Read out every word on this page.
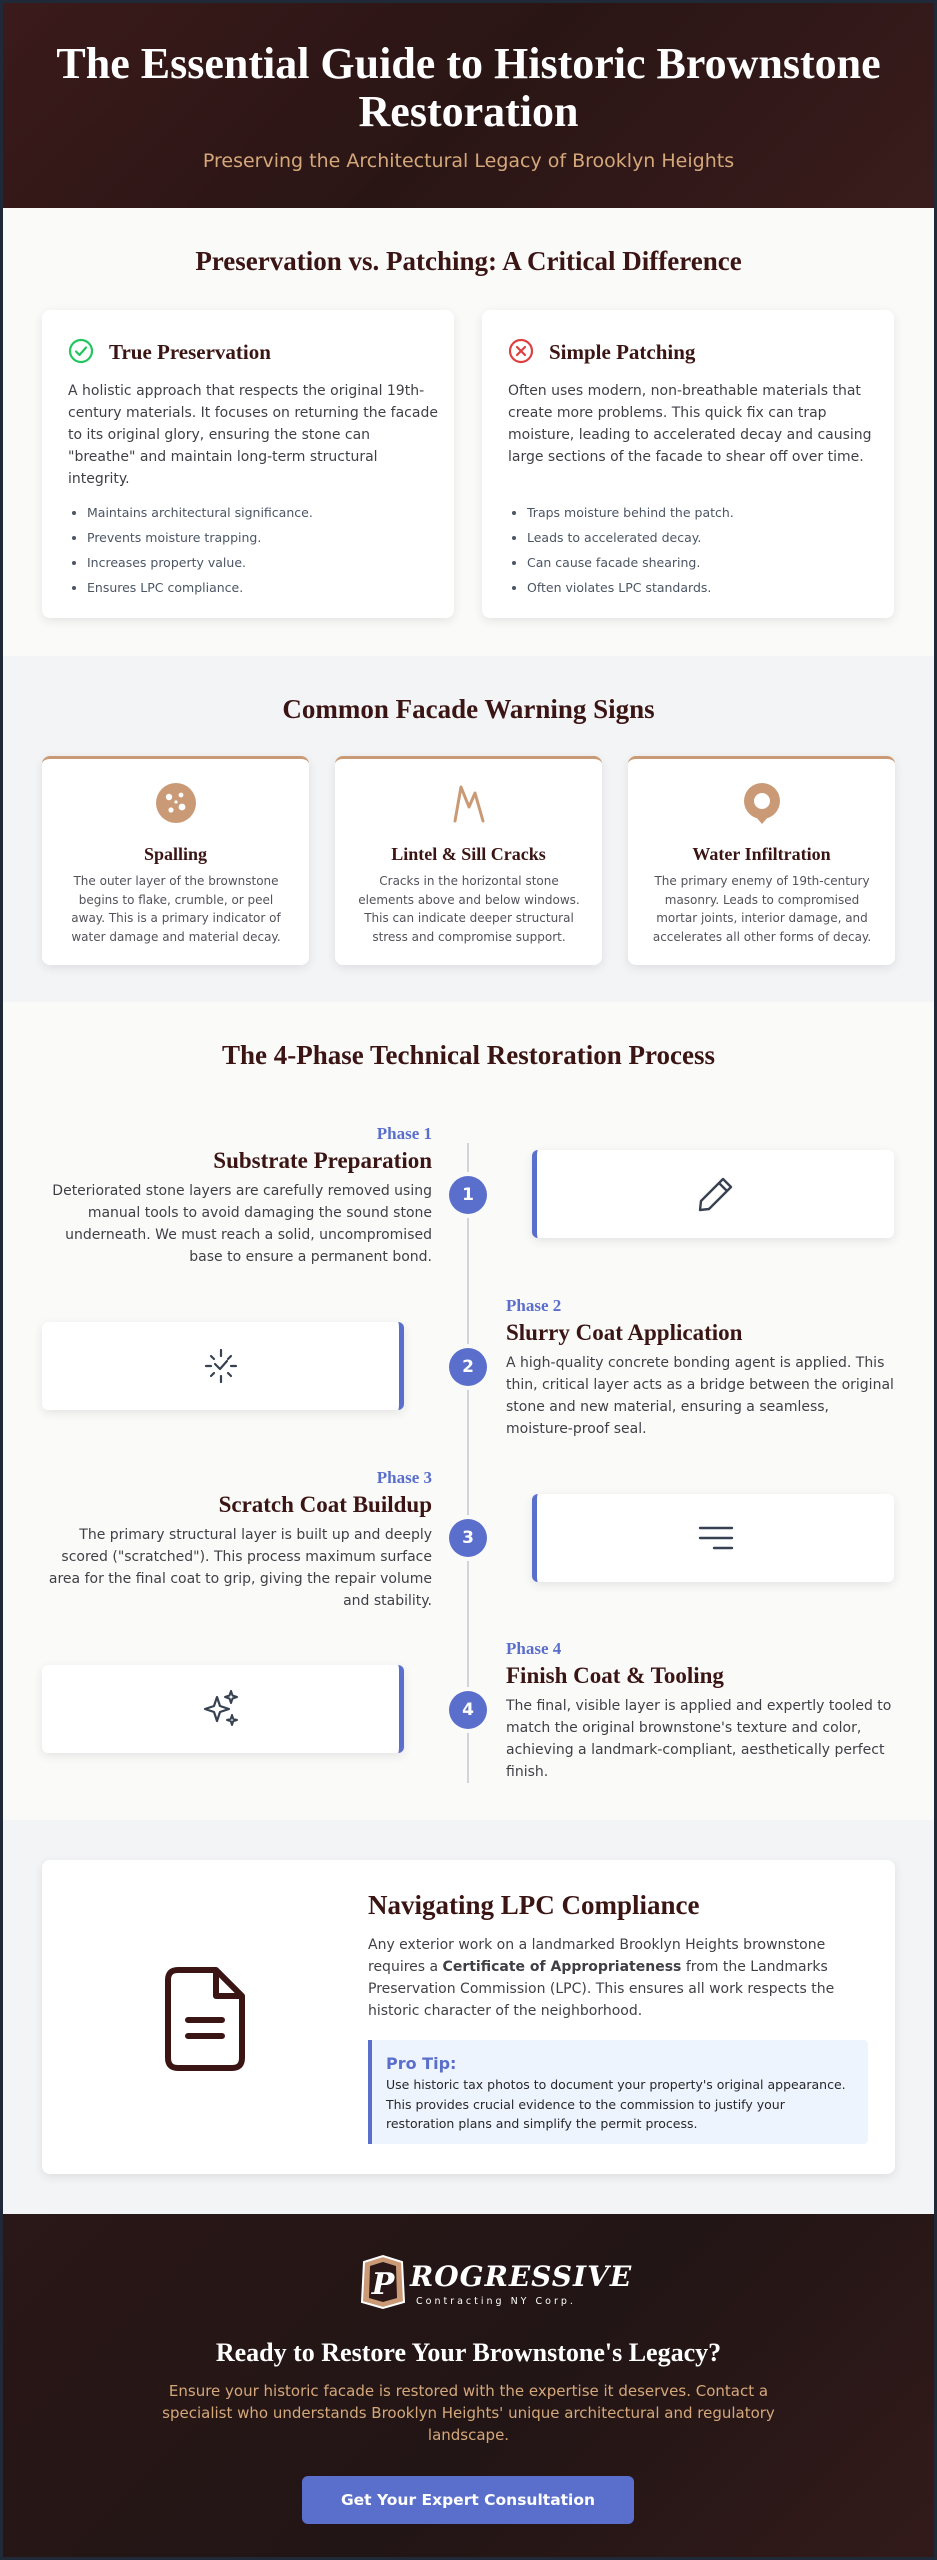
The Essential Guide to Historic Brownstone Restoration
Preserving the Architectural Legacy of Brooklyn Heights
Preservation vs. Patching: A Critical Difference
True Preservation

A holistic approach that respects the original 19th-century materials. It focuses on returning the facade to its original glory, ensuring the stone can "breathe" and maintain long-term structural integrity.

• Maintains architectural significance.
• Prevents moisture trapping.
• Increases property value.
• Ensures LPC compliance.
Simple Patching

Often uses modern, non-breathable materials that create more problems. This quick fix can trap moisture, leading to accelerated decay and causing large sections of the facade to shear off over time.

• Traps moisture behind the patch.
• Leads to accelerated decay.
• Can cause facade shearing.
• Often violates LPC standards.
Common Facade Warning Signs
Spalling

The outer layer of the brownstone begins to flake, crumble, or peel away. This is a primary indicator of water damage and material decay.

Lintel & Sill Cracks

Cracks in the horizontal stone elements above and below windows. This can indicate deeper structural stress and compromise support.

Water Infiltration

The primary enemy of 19th-century masonry. Leads to compromised mortar joints, interior damage, and accelerates all other forms of decay.

The 4-Phase Technical Restoration Process
Phase 1
Substrate Preparation

Deteriorated stone layers are carefully removed using manual tools to avoid damaging the sound stone underneath. We must reach a solid, uncompromised base to ensure a permanent bond.

1
2
Phase 2
Slurry Coat Application

A high-quality concrete bonding agent is applied. This thin, critical layer acts as a bridge between the original stone and new material, ensuring a seamless, moisture-proof seal.

Phase 3
Scratch Coat Buildup

The primary structural layer is built up and deeply scored ("scratched"). This process maximum surface area for the final coat to grip, giving the repair volume and stability.

3
4
Phase 4
Finish Coat & Tooling

The final, visible layer is applied and expertly tooled to match the original brownstone's texture and color, achieving a landmark-compliant, aesthetically perfect finish.

Navigating LPC Compliance

Any exterior work on a landmarked Brooklyn Heights brownstone requires a Certificate of Appropriateness from the Landmarks Preservation Commission (LPC). This ensures all work respects the historic character of the neighborhood.

Pro Tip:
Use historic tax photos to document your property's original appearance. This provides crucial evidence to the commission to justify your restoration plans and simplify the permit process.
P ROGRESSIVE
Contracting NY Corp.
Ready to Restore Your Brownstone's Legacy?

Ensure your historic facade is restored with the expertise it deserves. Contact a specialist who understands Brooklyn Heights' unique architectural and regulatory landscape.

Get Your Expert Consultation
